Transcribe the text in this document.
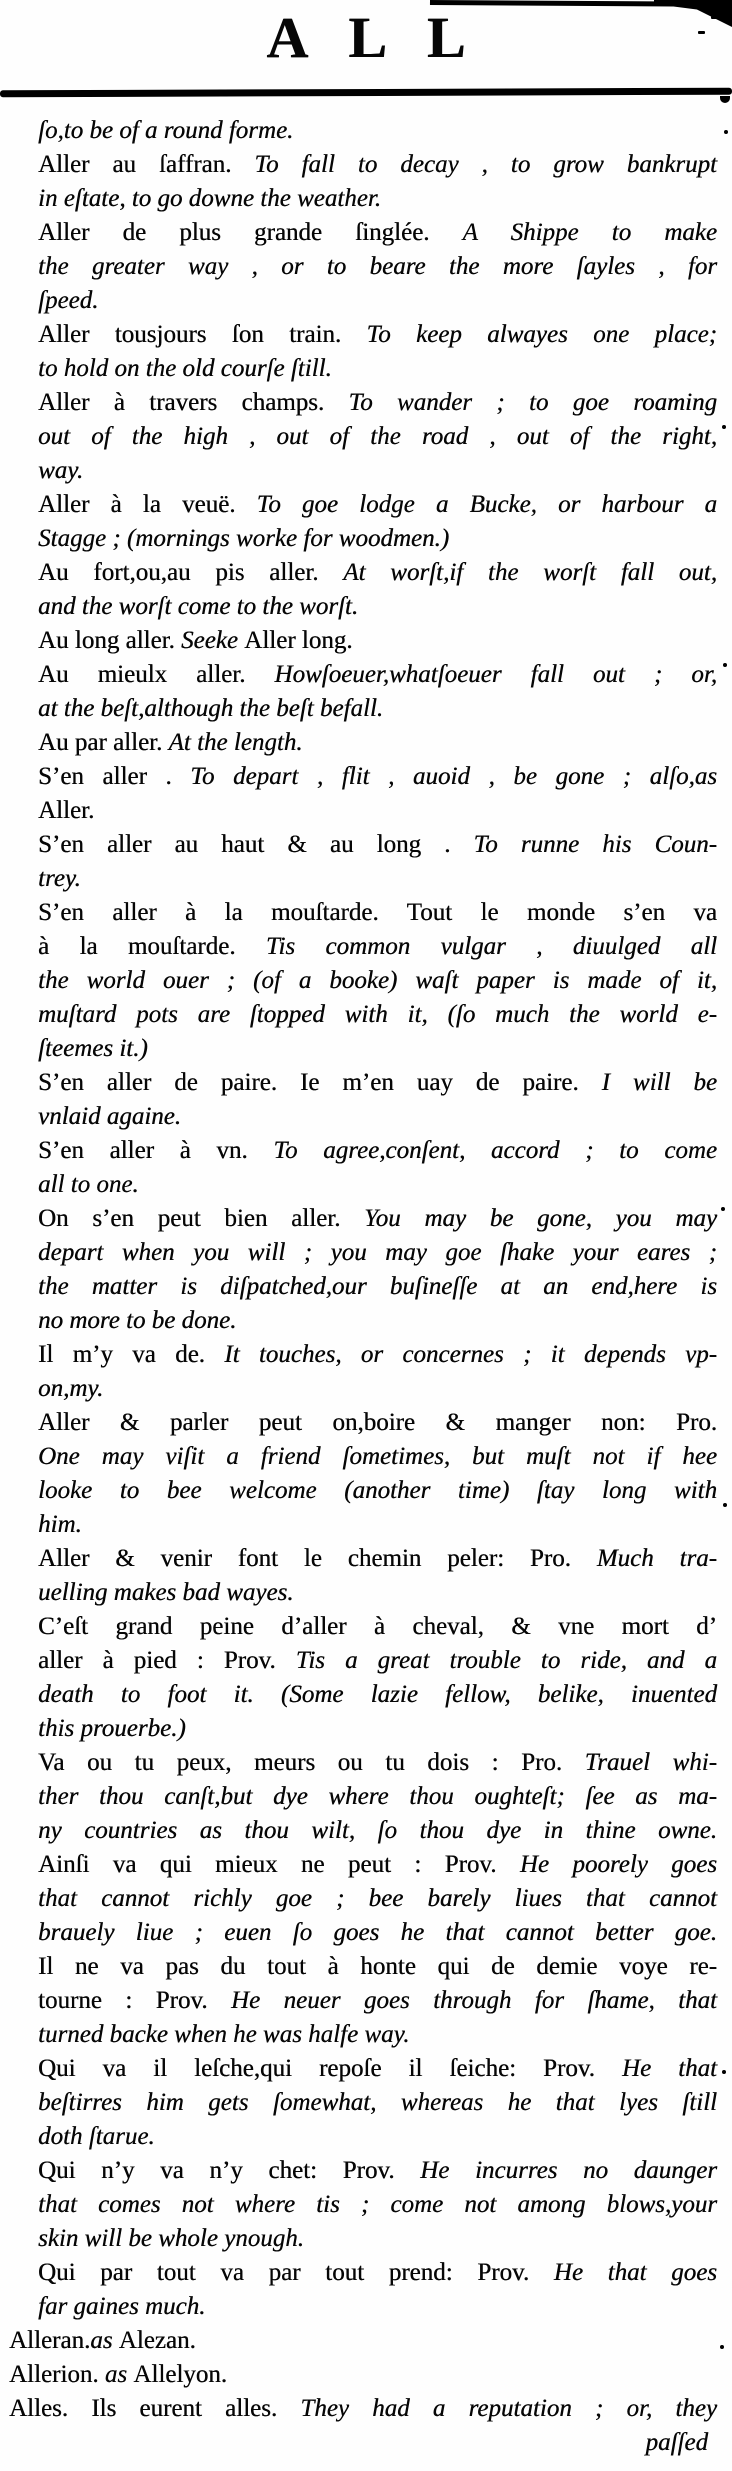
ALL
ſo,to be of a round forme.
Aller au ſaffran. To fall to decay , to grow bankrupt
in eſtate, to go downe the weather.
Aller de plus grande ſinglée. A Shippe to make
the greater way , or to beare the more ſayles , for
ſpeed.
Aller tousjours ſon train. To keep alwayes one place;
to hold on the old courſe ſtill.
Aller à travers champs. To wander ; to goe roaming
out of the high , out of the road , out of the right,
way.
Aller à la veuë. To goe lodge a Bucke, or harbour a
Stagge ; (mornings worke for woodmen.)
Au fort,ou,au pis aller. At worſt,if the worſt fall out,
and the worſt come to the worſt.
Au long aller. Seeke Aller long.
Au mieulx aller. Howſoeuer,whatſoeuer fall out ; or,
at the beſt,although the beſt befall.
Au par aller. At the length.
S’en aller . To depart , flit , auoid , be gone ; alſo,as
Aller.
S’en aller au haut & au long . To runne his Coun-
trey.
S’en aller à la mouſtarde. Tout le monde s’en va
à la mouſtarde. Tis common vulgar , diuulged all
the world ouer ; (of a booke) waſt paper is made of it,
muſtard pots are ſtopped with it, (ſo much the world e-
ſteemes it.)
S’en aller de paire. Ie m’en uay de paire. I will be
vnlaid againe.
S’en aller à vn. To agree,conſent, accord ; to come
all to one.
On s’en peut bien aller. You may be gone, you may
depart when you will ; you may goe ſhake your eares ;
the matter is diſpatched,our buſineſſe at an end,here is
no more to be done.
Il m’y va de. It touches, or concernes ; it depends vp-
on,my.
Aller & parler peut on,boire & manger non: Pro.
One may viſit a friend ſometimes, but muſt not if hee
looke to bee welcome (another time) ſtay long with
him.
Aller & venir font le chemin peler: Pro. Much tra-
uelling makes bad wayes.
C’eſt grand peine d’aller à cheval, & vne mort d’
aller à pied : Prov. Tis a great trouble to ride, and a
death to foot it. (Some lazie fellow, belike, inuented
this prouerbe.)
Va ou tu peux, meurs ou tu dois : Pro. Trauel whi-
ther thou canſt,but dye where thou oughteſt; ſee as ma-
ny countries as thou wilt, ſo thou dye in thine owne.
Ainſi va qui mieux ne peut : Prov. He poorely goes
that cannot richly goe ; bee barely liues that cannot
brauely liue ; euen ſo goes he that cannot better goe.
Il ne va pas du tout à honte qui de demie voye re-
tourne : Prov. He neuer goes through for ſhame, that
turned backe when he was halfe way.
Qui va il leſche,qui repoſe il ſeiche: Prov. He that
beſtirres him gets ſomewhat, whereas he that lyes ſtill
doth ſtarue.
Qui n’y va n’y chet: Prov. He incurres no daunger
that comes not where tis ; come not among blows,your
skin will be whole ynough.
Qui par tout va par tout prend: Prov. He that goes
far gaines much.
Alleran.as Alezan.
Allerion. as Allelyon.
Alles. Ils eurent alles. They had a reputation ; or, they
paſſed
